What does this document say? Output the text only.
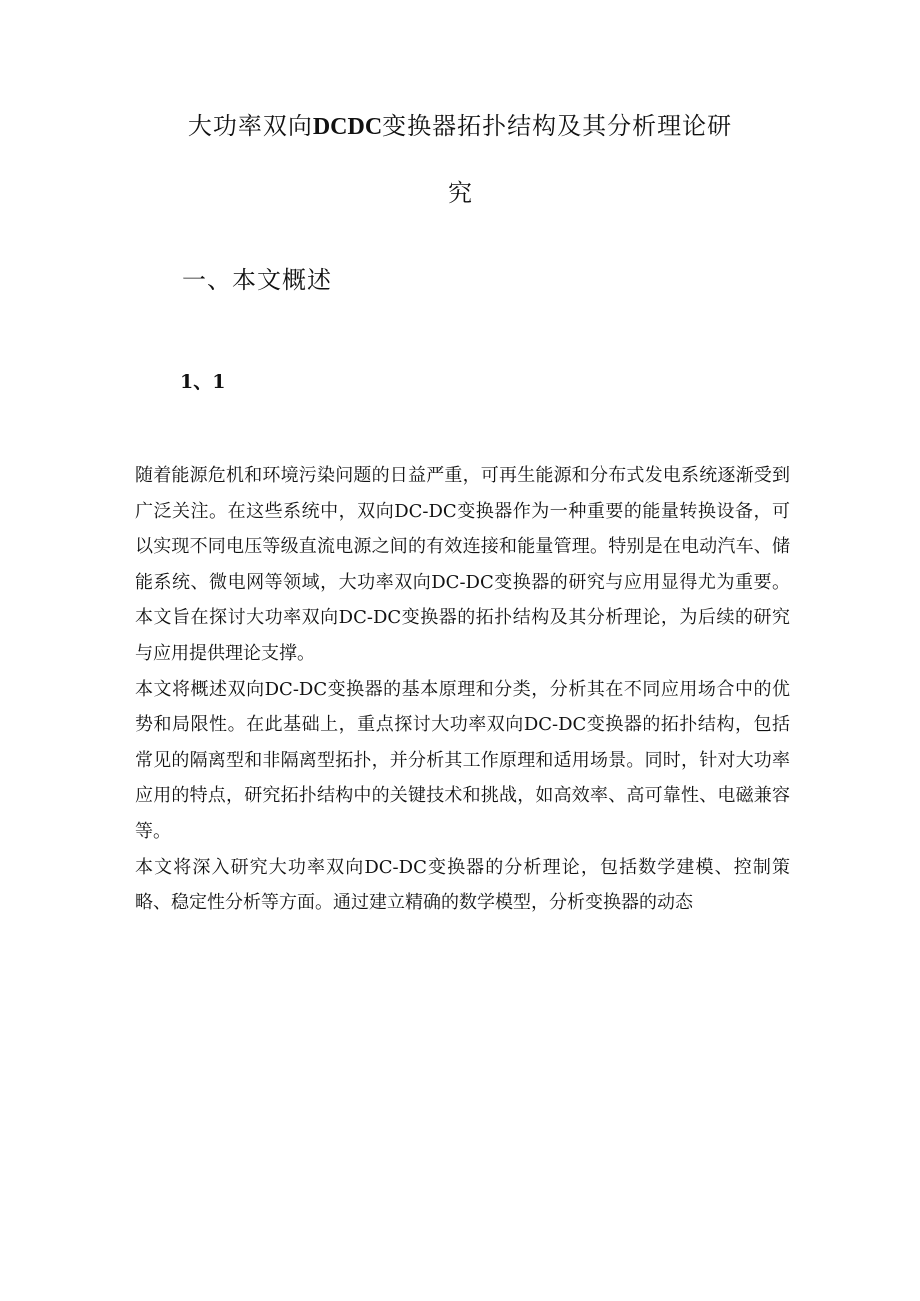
大功率双向DCDC变换器拓扑结构及其分析理论研
究
一、本文概述
1、1

随着能源危机和环境污染问题的日益严重，可再生能源和分布式发电系统逐渐受到广泛关注。在这些系统中，双向DC-DC变换器作为一种重要的能量转换设备，可以实现不同电压等级直流电源之间的有效连接和能量管理。特别是在电动汽车、储能系统、微电网等领域，大功率双向DC-DC变换器的研究与应用显得尤为重要。本文旨在探讨大功率双向DC-DC变换器的拓扑结构及其分析理论，为后续的研究与应用提供理论支撑。

本文将概述双向DC-DC变换器的基本原理和分类，分析其在不同应用场合中的优势和局限性。在此基础上，重点探讨大功率双向DC-DC变换器的拓扑结构，包括常见的隔离型和非隔离型拓扑，并分析其工作原理和适用场景。同时，针对大功率应用的特点，研究拓扑结构中的关键技术和挑战，如高效率、高可靠性、电磁兼容等。

本文将深入研究大功率双向DC-DC变换器的分析理论，包括数学建模、控制策略、稳定性分析等方面。通过建立精确的数学模型，分析变换器的动态
